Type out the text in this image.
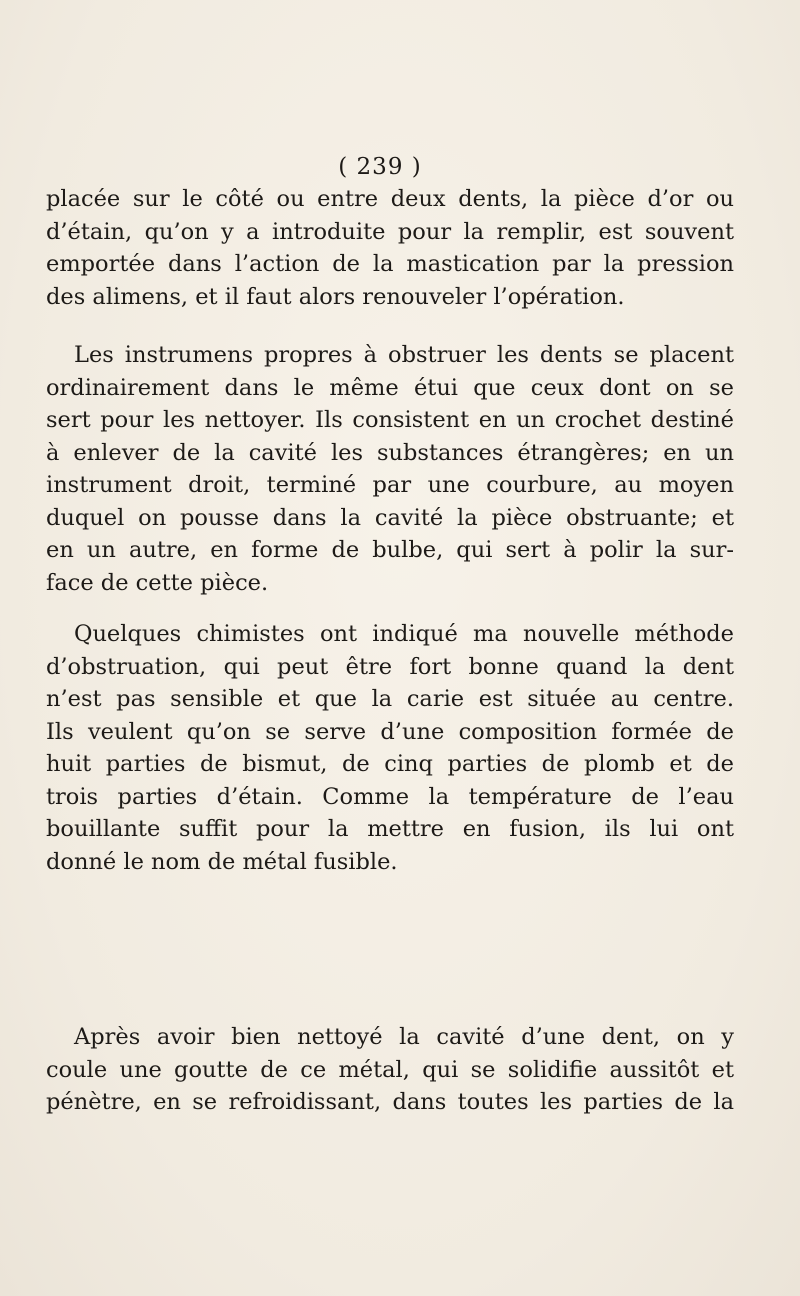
( 239 )
placée sur le côté ou entre deux dents, la pièce d’or ou
d’étain, qu’on y a introduite pour la remplir, est souvent
emportée dans l’action de la mastication par la pression
des alimens, et il faut alors renouveler l’opération.
Les instrumens propres à obstruer les dents se placent
ordinairement dans le même étui que ceux dont on se
sert pour les nettoyer. Ils consistent en un crochet destiné
à enlever de la cavité les substances étrangères; en un
instrument droit, terminé par une courbure, au moyen
duquel on pousse dans la cavité la pièce obstruante; et
en un autre, en forme de bulbe, qui sert à polir la sur-
face de cette pièce.
Quelques chimistes ont indiqué ma nouvelle méthode
d’obstruation, qui peut être fort bonne quand la dent
n’est pas sensible et que la carie est située au centre.
Ils veulent qu’on se serve d’une composition formée de
huit parties de bismut, de cinq parties de plomb et de
trois parties d’étain. Comme la température de l’eau
bouillante suffit pour la mettre en fusion, ils lui ont
donné le nom de métal fusible.
Après avoir bien nettoyé la cavité d’une dent, on y
coule une goutte de ce métal, qui se solidifie aussitôt et
pénètre, en se refroidissant, dans toutes les parties de la
